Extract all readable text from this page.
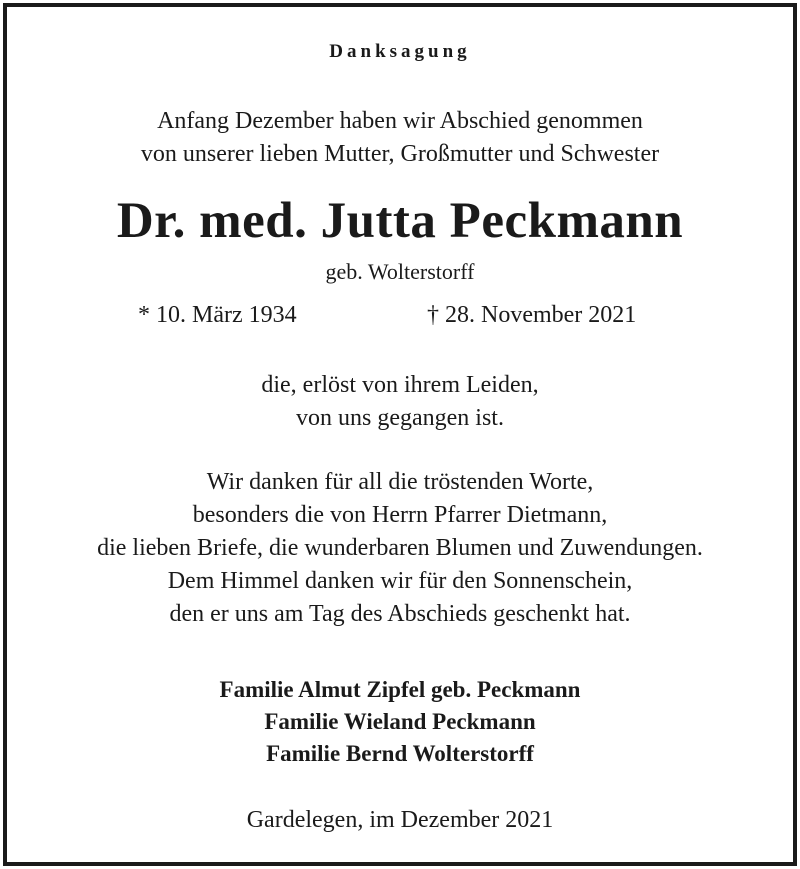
Danksagung

Anfang Dezember haben wir Abschied genommen
von unserer lieben Mutter, Großmutter und Schwester
Dr. med. Jutta Peckmann

geb. Wolterstorff

* 10. März 1934	† 28. November 2021
die, erlöst von ihrem Leiden,
von uns gegangen ist.
Wir danken für all die tröstenden Worte,
besonders die von Herrn Pfarrer Dietmann,
die lieben Briefe, die wunderbaren Blumen und Zuwendungen.
Dem Himmel danken wir für den Sonnenschein,
den er uns am Tag des Abschieds geschenkt hat.
Familie Almut Zipfel geb. Peckmann
Familie Wieland Peckmann
Familie Bernd Wolterstorff

Gardelegen, im Dezember 2021
